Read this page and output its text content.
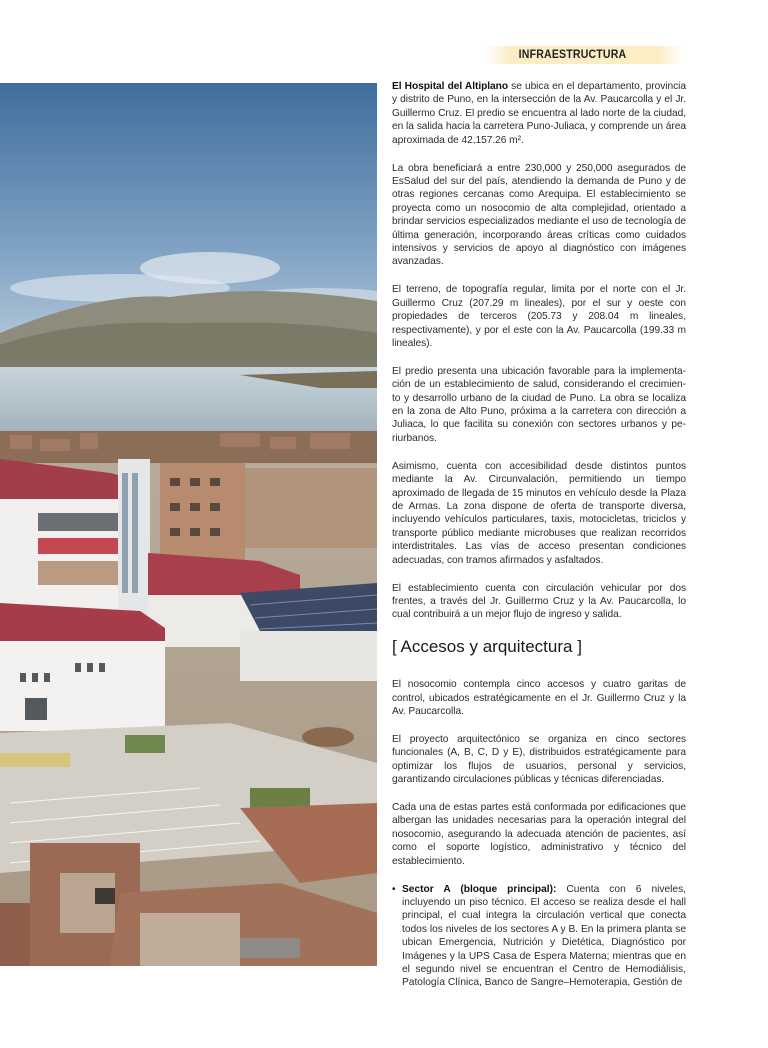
INFRAESTRUCTURA

El Hospital del Altiplano se ubica en el departamento, provincia y distrito de Puno, en la intersección de la Av. Paucarcolla y el Jr. Guillermo Cruz. El predio se encuentra al lado norte de la ciudad, en la salida hacia la carretera Puno-Juliaca, y comprende un área aproximada de 42,157.26 m².

La obra beneficiará a entre 230,000 y 250,000 asegurados de EsSalud del sur del país, atendiendo la demanda de Puno y de otras regiones cercanas como Arequipa. El establecimiento se proyecta como un nosocomio de alta complejidad, orientado a brindar servicios especializados mediante el uso de tecnología de última generación, incorporando áreas críticas como cuidados intensivos y servicios de apoyo al diagnóstico con imágenes avanzadas.

El terreno, de topografía regular, limita por el norte con el Jr. Guillermo Cruz (207.29 m lineales), por el sur y oeste con propiedades de terceros (205.73 y 208.04 m lineales, respectivamente), y por el este con la Av. Paucarcolla (199.33 m lineales).

El predio presenta una ubicación favorable para la implementa-ción de un establecimiento de salud, considerando el crecimien-to y desarrollo urbano de la ciudad de Puno. La obra se localiza en la zona de Alto Puno, próxima a la carretera con dirección a Juliaca, lo que facilita su conexión con sectores urbanos y pe-riurbanos.

Asimismo, cuenta con accesibilidad desde distintos puntos mediante la Av. Circunvalación, permitiendo un tiempo aproximado de llegada de 15 minutos en vehículo desde la Plaza de Armas. La zona dispone de oferta de transporte diversa, incluyendo vehículos particulares, taxis, motocicletas, triciclos y transporte público mediante microbuses que realizan recorridos interdistritales. Las vías de acceso presentan condiciones adecuadas, con tramos afirmados y asfaltados.

El establecimiento cuenta con circulación vehicular por dos frentes, a través del Jr. Guillermo Cruz y la Av. Paucarcolla, lo cual contribuirá a un mejor flujo de ingreso y salida.

[ Accesos y arquitectura ]

El nosocomio contempla cinco accesos y cuatro garitas de control, ubicados estratégicamente en el Jr. Guillermo Cruz y la Av. Paucarcolla.

El proyecto arquitectónico se organiza en cinco sectores funcionales (A, B, C, D y E), distribuidos estratégicamente para optimizar los flujos de usuarios, personal y servicios, garantizando circulaciones públicas y técnicas diferenciadas.

Cada una de estas partes está conformada por edificaciones que albergan las unidades necesarias para la operación integral del nosocomio, asegurando la adecuada atención de pacientes, así como el soporte logístico, administrativo y técnico del establecimiento.

• Sector A (bloque principal): Cuenta con 6 niveles, incluyendo un piso técnico. El acceso se realiza desde el hall principal, el cual integra la circulación vertical que conecta todos los niveles de los sectores A y B. En la primera planta se ubican Emergencia, Nutrición y Dietética, Diagnóstico por Imágenes y la UPS Casa de Espera Materna; mientras que en el segundo nivel se encuentran el Centro de Hemodiálisis, Patología Clínica, Banco de Sangre–Hemoterapia, Gestión de
